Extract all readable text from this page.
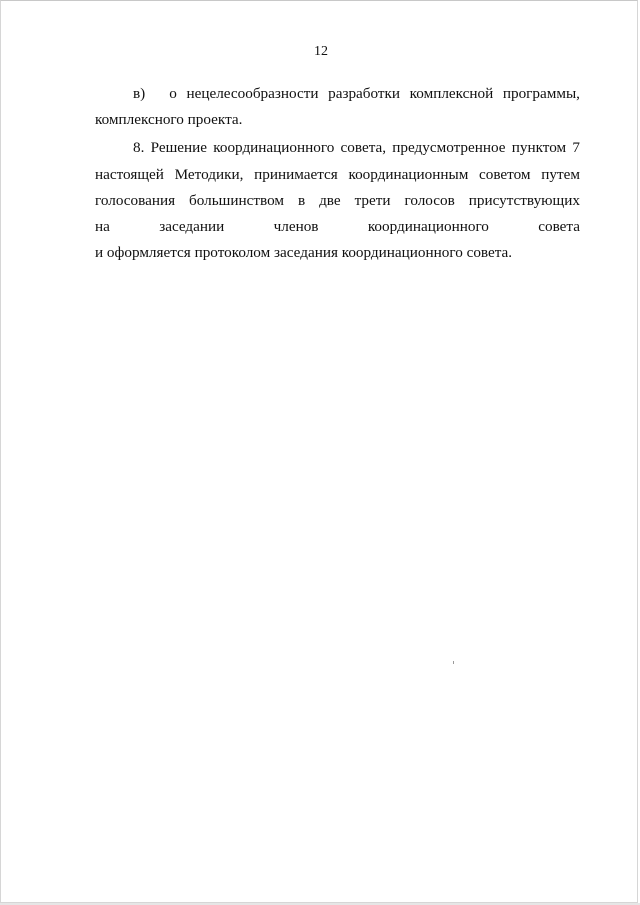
12
в) о нецелесообразности разработки комплексной программы,
комплексного проекта.
8. Решение координационного совета, предусмотренное пунктом 7
настоящей Методики, принимается координационным советом путем
голосования большинством в две трети голосов присутствующих
на	заседании	членов	координационного	совета
и оформляется протоколом заседания координационного совета.
